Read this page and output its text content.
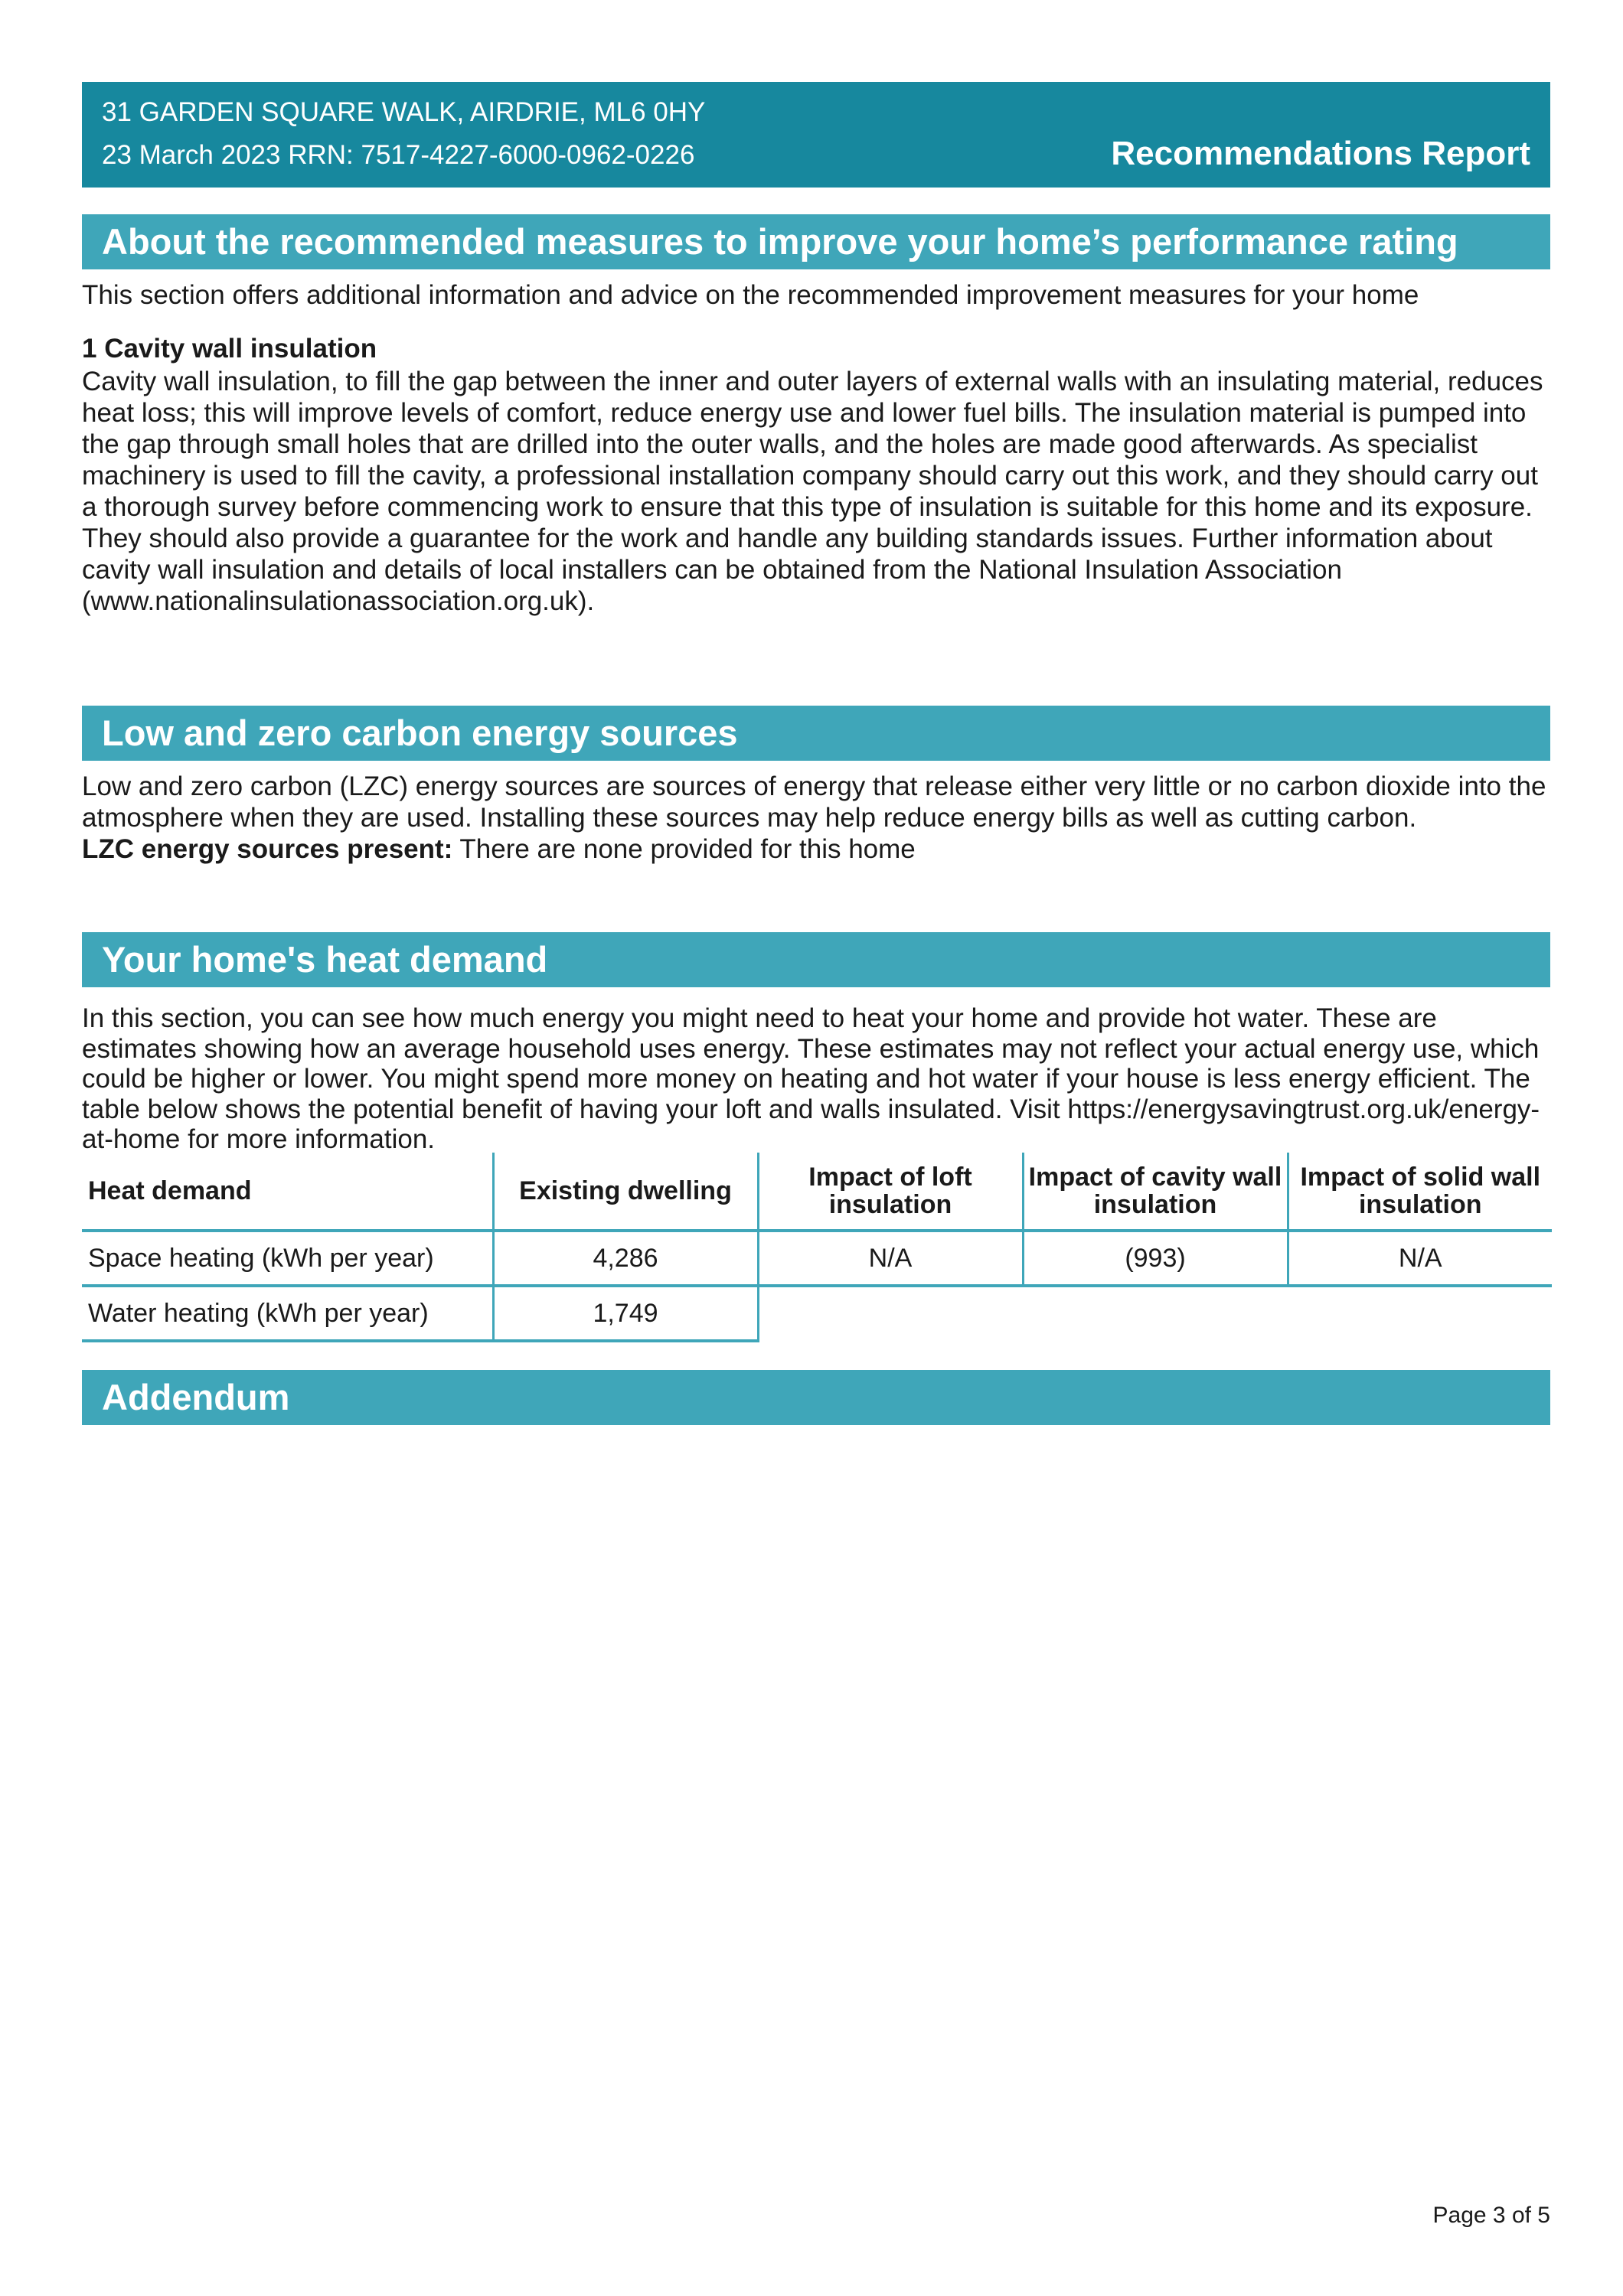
31 GARDEN SQUARE WALK, AIRDRIE, ML6 0HY
23 March 2023 RRN: 7517-4227-6000-0962-0226	Recommendations Report
About the recommended measures to improve your home’s performance rating

This section offers additional information and advice on the recommended improvement measures for your home

1 Cavity wall insulation

Cavity wall insulation, to fill the gap between the inner and outer layers of external walls with an insulating material, reduces heat loss; this will improve levels of comfort, reduce energy use and lower fuel bills. The insulation material is pumped into the gap through small holes that are drilled into the outer walls, and the holes are made good afterwards. As specialist machinery is used to fill the cavity, a professional installation company should carry out this work, and they should carry out a thorough survey before commencing work to ensure that this type of insulation is suitable for this home and its exposure. They should also provide a guarantee for the work and handle any building standards issues. Further information about cavity wall insulation and details of local installers can be obtained from the National Insulation Association (www.nationalinsulationassociation.org.uk).

Low and zero carbon energy sources

Low and zero carbon (LZC) energy sources are sources of energy that release either very little or no carbon dioxide into the atmosphere when they are used. Installing these sources may help reduce energy bills as well as cutting carbon.

LZC energy sources present: There are none provided for this home

Your home's heat demand

In this section, you can see how much energy you might need to heat your home and provide hot water. These are estimates showing how an average household uses energy. These estimates may not reflect your actual energy use, which could be higher or lower. You might spend more money on heating and hot water if your house is less energy efficient. The table below shows the potential benefit of having your loft and walls insulated. Visit https://energysavingtrust.org.uk/energy-at-home for more information.

Heat demand	Existing dwelling	Impact of loft insulation	Impact of cavity wall insulation	Impact of solid wall insulation
Space heating (kWh per year)	4,286	N/A	(993)	N/A
Water heating (kWh per year)	1,749			
Addendum
Page 3 of 5
